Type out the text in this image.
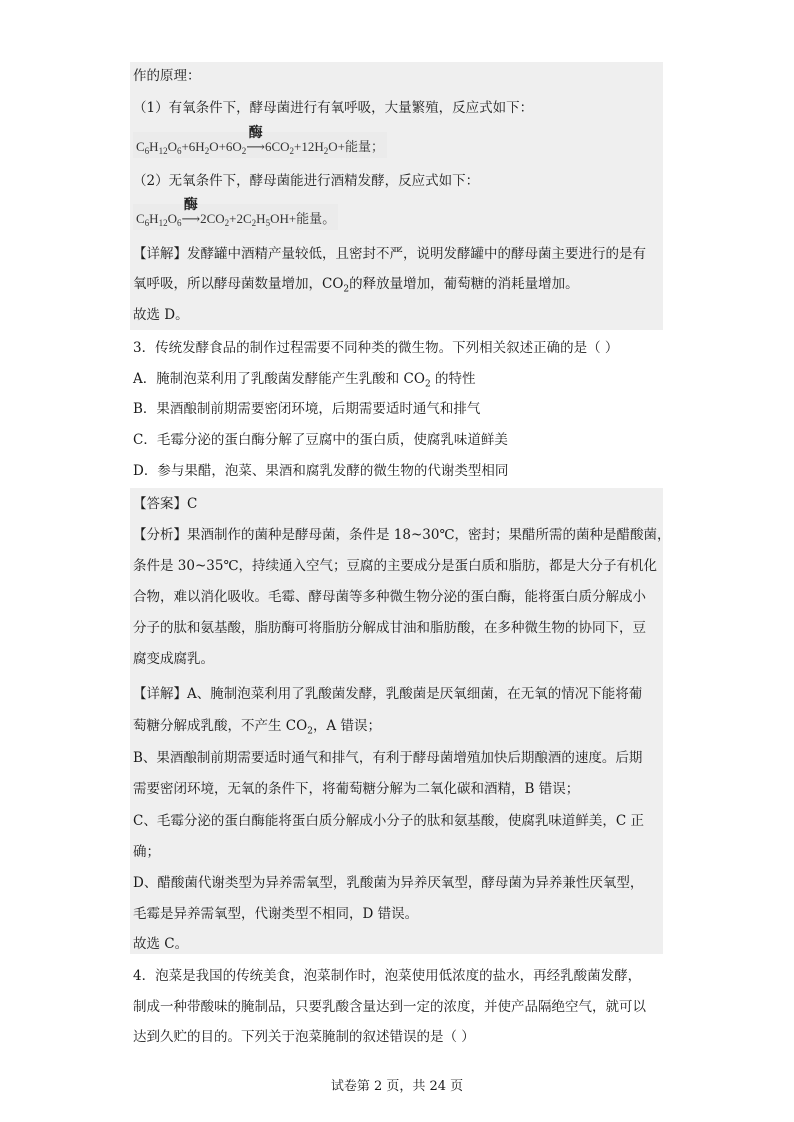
作的原理：
（1）有氧条件下，酵母菌进行有氧呼吸，大量繁殖，反应式如下：
$C_6H_{12}O_6+6H_2O+6O_2$
酶
$⟶6CO_2+12H_2O+$能量；
（2）无氧条件下，酵母菌能进行酒精发酵，反应式如下：
$C_6H_{12}O_6$
酶
$⟶2CO_2+2C_2H_5OH+$能量。
【详解】发酵罐中酒精产量较低，且密封不严，说明发酵罐中的酵母菌主要进行的是有
氧呼吸，所以酵母菌数量增加，$CO_2$的释放量增加，葡萄糖的消耗量增加。
故选 D。
3．传统发酵食品的制作过程需要不同种类的微生物。下列相关叙述正确的是（ ）
A．腌制泡菜利用了乳酸菌发酵能产生乳酸和 $CO_2$ 的特性
B．果酒酿制前期需要密闭环境，后期需要适时通气和排气
C．毛霉分泌的蛋白酶分解了豆腐中的蛋白质，使腐乳味道鲜美
D．参与果醋，泡菜、果酒和腐乳发酵的微生物的代谢类型相同
【答案】C
【分析】果酒制作的菌种是酵母菌，条件是 18~30℃，密封；果醋所需的菌种是醋酸菌，
条件是 30~35℃，持续通入空气；豆腐的主要成分是蛋白质和脂肪，都是大分子有机化
合物，难以消化吸收。毛霉、酵母菌等多种微生物分泌的蛋白酶，能将蛋白质分解成小
分子的肽和氨基酸，脂肪酶可将脂肪分解成甘油和脂肪酸，在多种微生物的协同下，豆
腐变成腐乳。
【详解】A、腌制泡菜利用了乳酸菌发酵，乳酸菌是厌氧细菌，在无氧的情况下能将葡
萄糖分解成乳酸，不产生 $CO_2$，A 错误；
B、果酒酿制前期需要适时通气和排气，有利于酵母菌增殖加快后期酿酒的速度。后期
需要密闭环境，无氧的条件下，将葡萄糖分解为二氧化碳和酒精，B 错误；
C、毛霉分泌的蛋白酶能将蛋白质分解成小分子的肽和氨基酸，使腐乳味道鲜美，C 正
确；
D、醋酸菌代谢类型为异养需氧型，乳酸菌为异养厌氧型，酵母菌为异养兼性厌氧型，
毛霉是异养需氧型，代谢类型不相同，D 错误。
故选 C。
4．泡菜是我国的传统美食，泡菜制作时，泡菜使用低浓度的盐水，再经乳酸菌发酵，
制成一种带酸味的腌制品，只要乳酸含量达到一定的浓度，并使产品隔绝空气，就可以
达到久贮的目的。下列关于泡菜腌制的叙述错误的是（ ）
试卷第 2 页，共 24 页
